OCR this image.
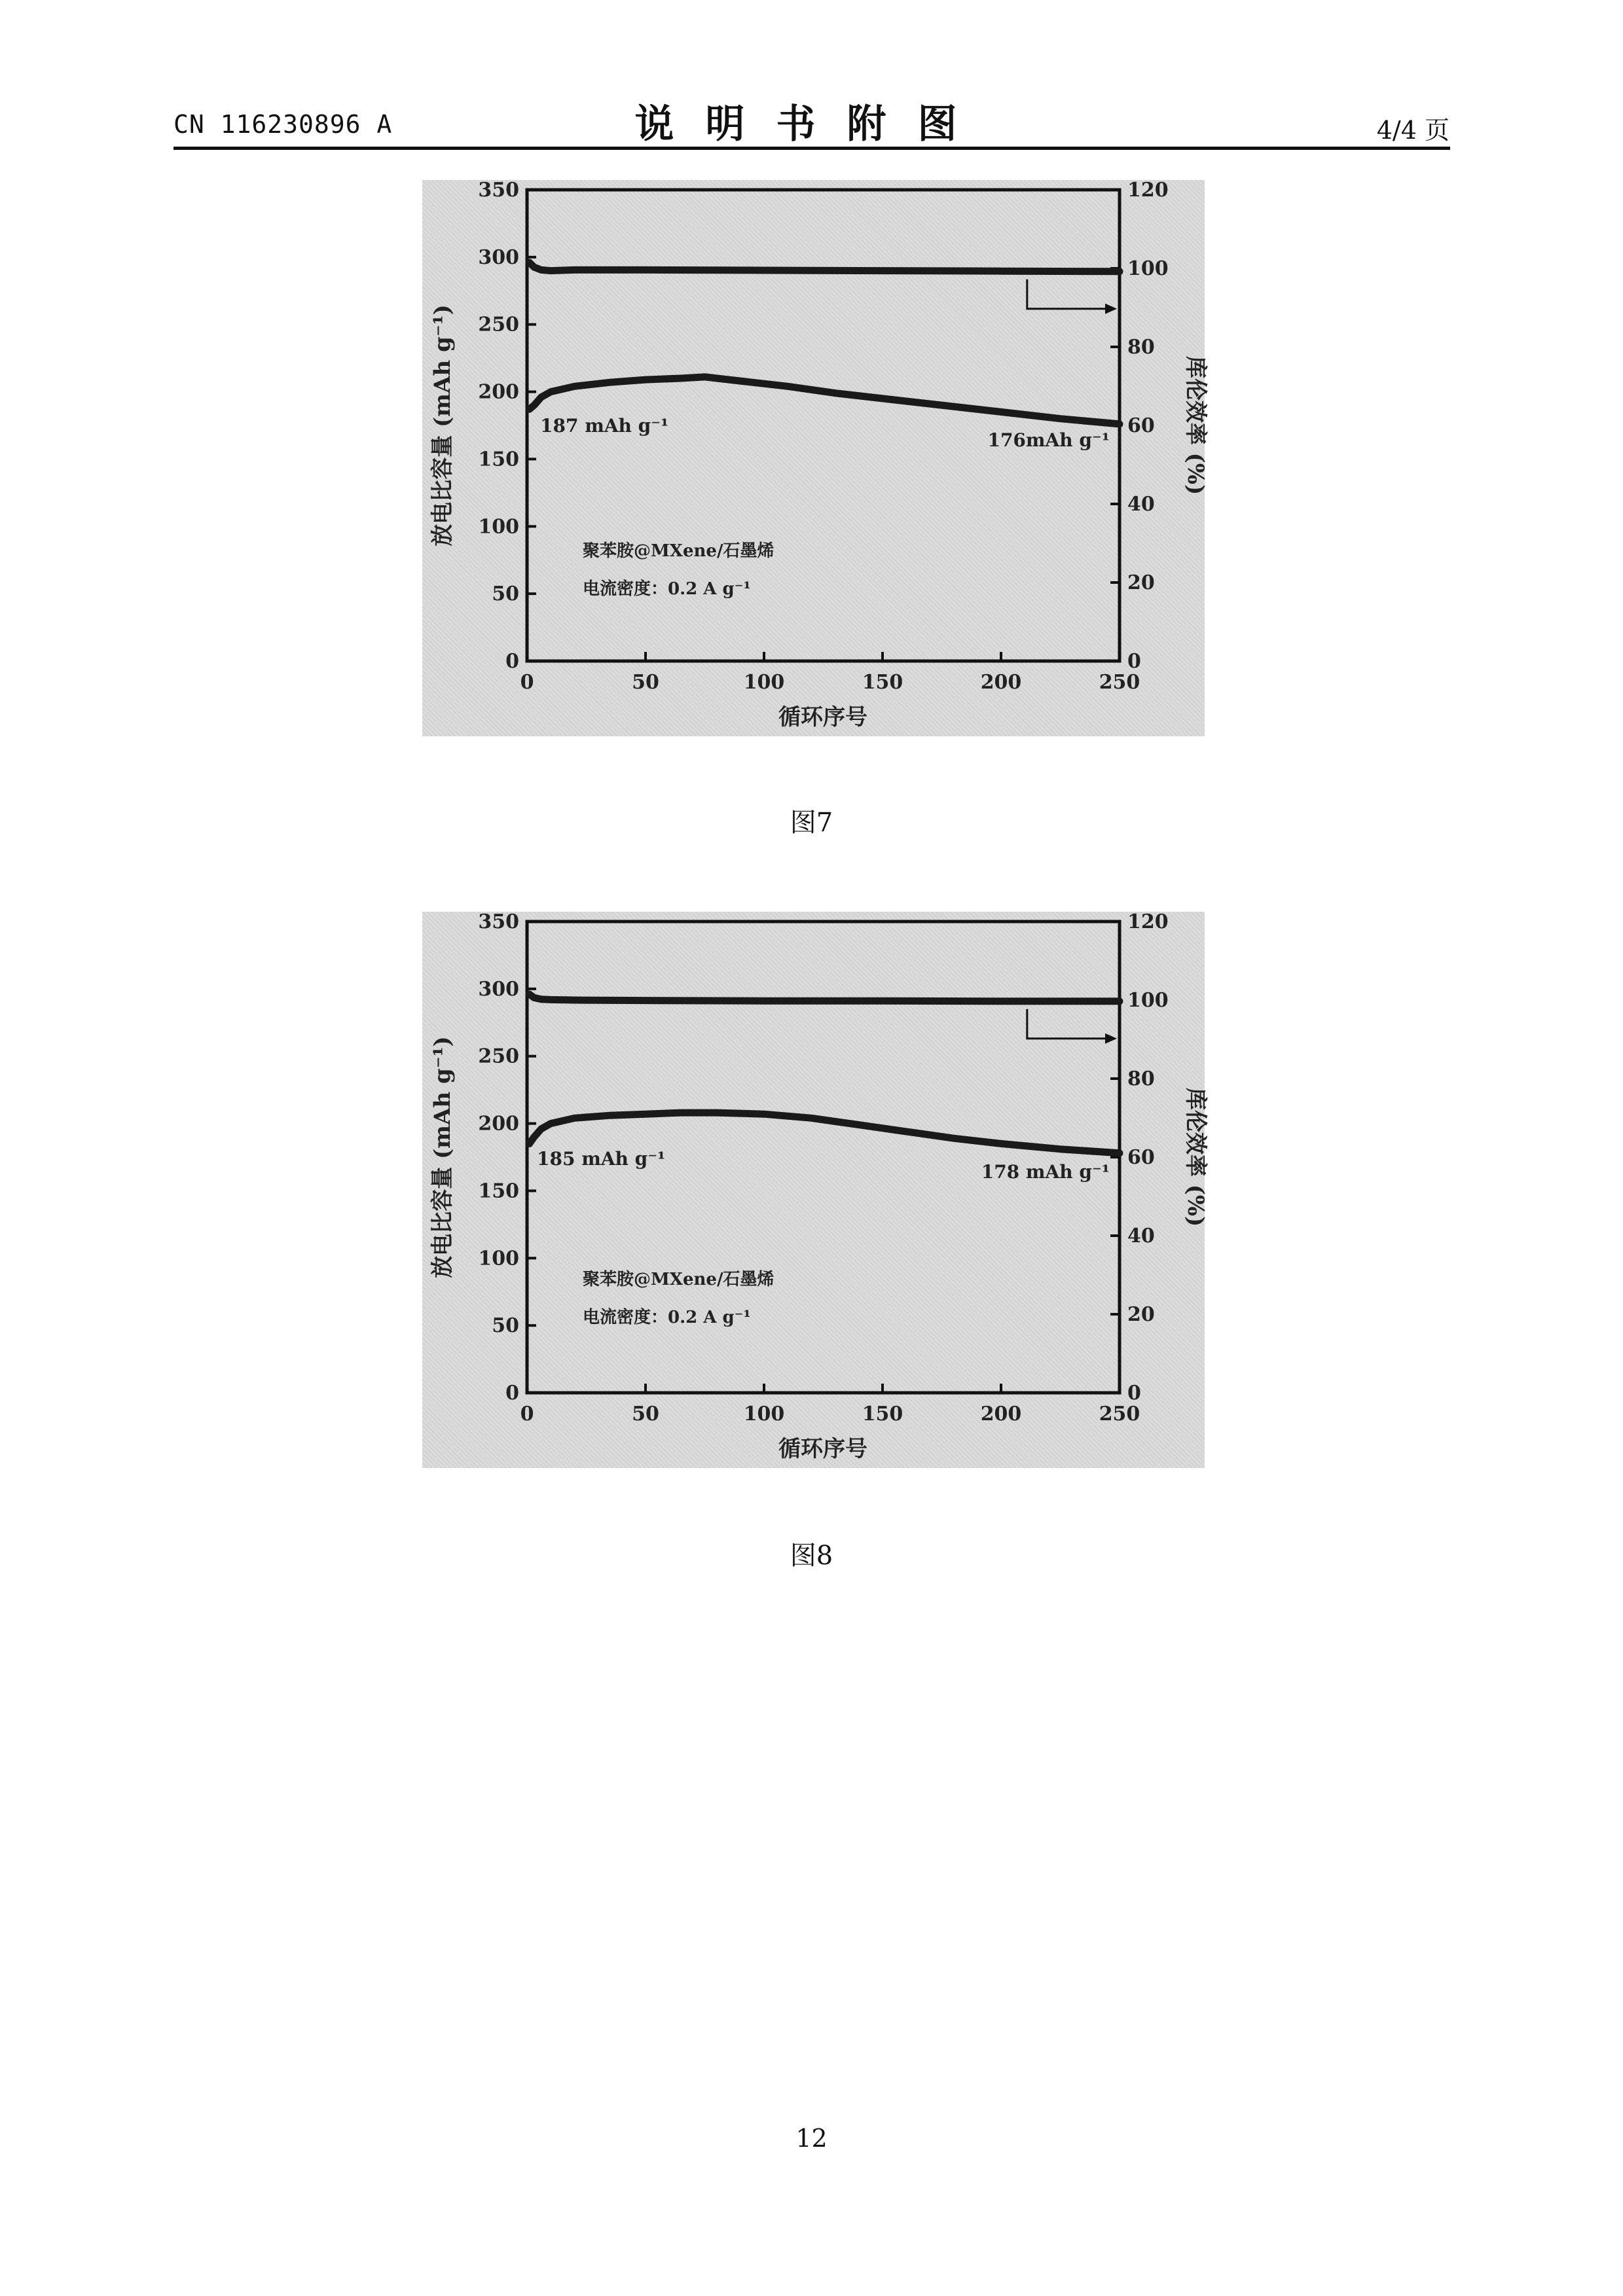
CN 116230896 A	说明书附图	4/4 页
放电比容量 (mAh g⁻¹)	库伦效率 (%)
循环序号
187 mAh g⁻¹
176mAh g⁻¹
聚苯胺@MXene/石墨烯
电流密度：0.2 A g⁻¹
0	50	100	150	200	250
0
50
100
150
200
250
300
350
0
20
40
60
80
100
120
图7
放电比容量 (mAh g⁻¹)	库伦效率 (%)
循环序号
185 mAh g⁻¹
178 mAh g⁻¹
聚苯胺@MXene/石墨烯
电流密度：0.2 A g⁻¹
0	50	100	150	200	250
0
50
100
150
200
250
300
350
0
20
40
60
80
100
120
图8
12
